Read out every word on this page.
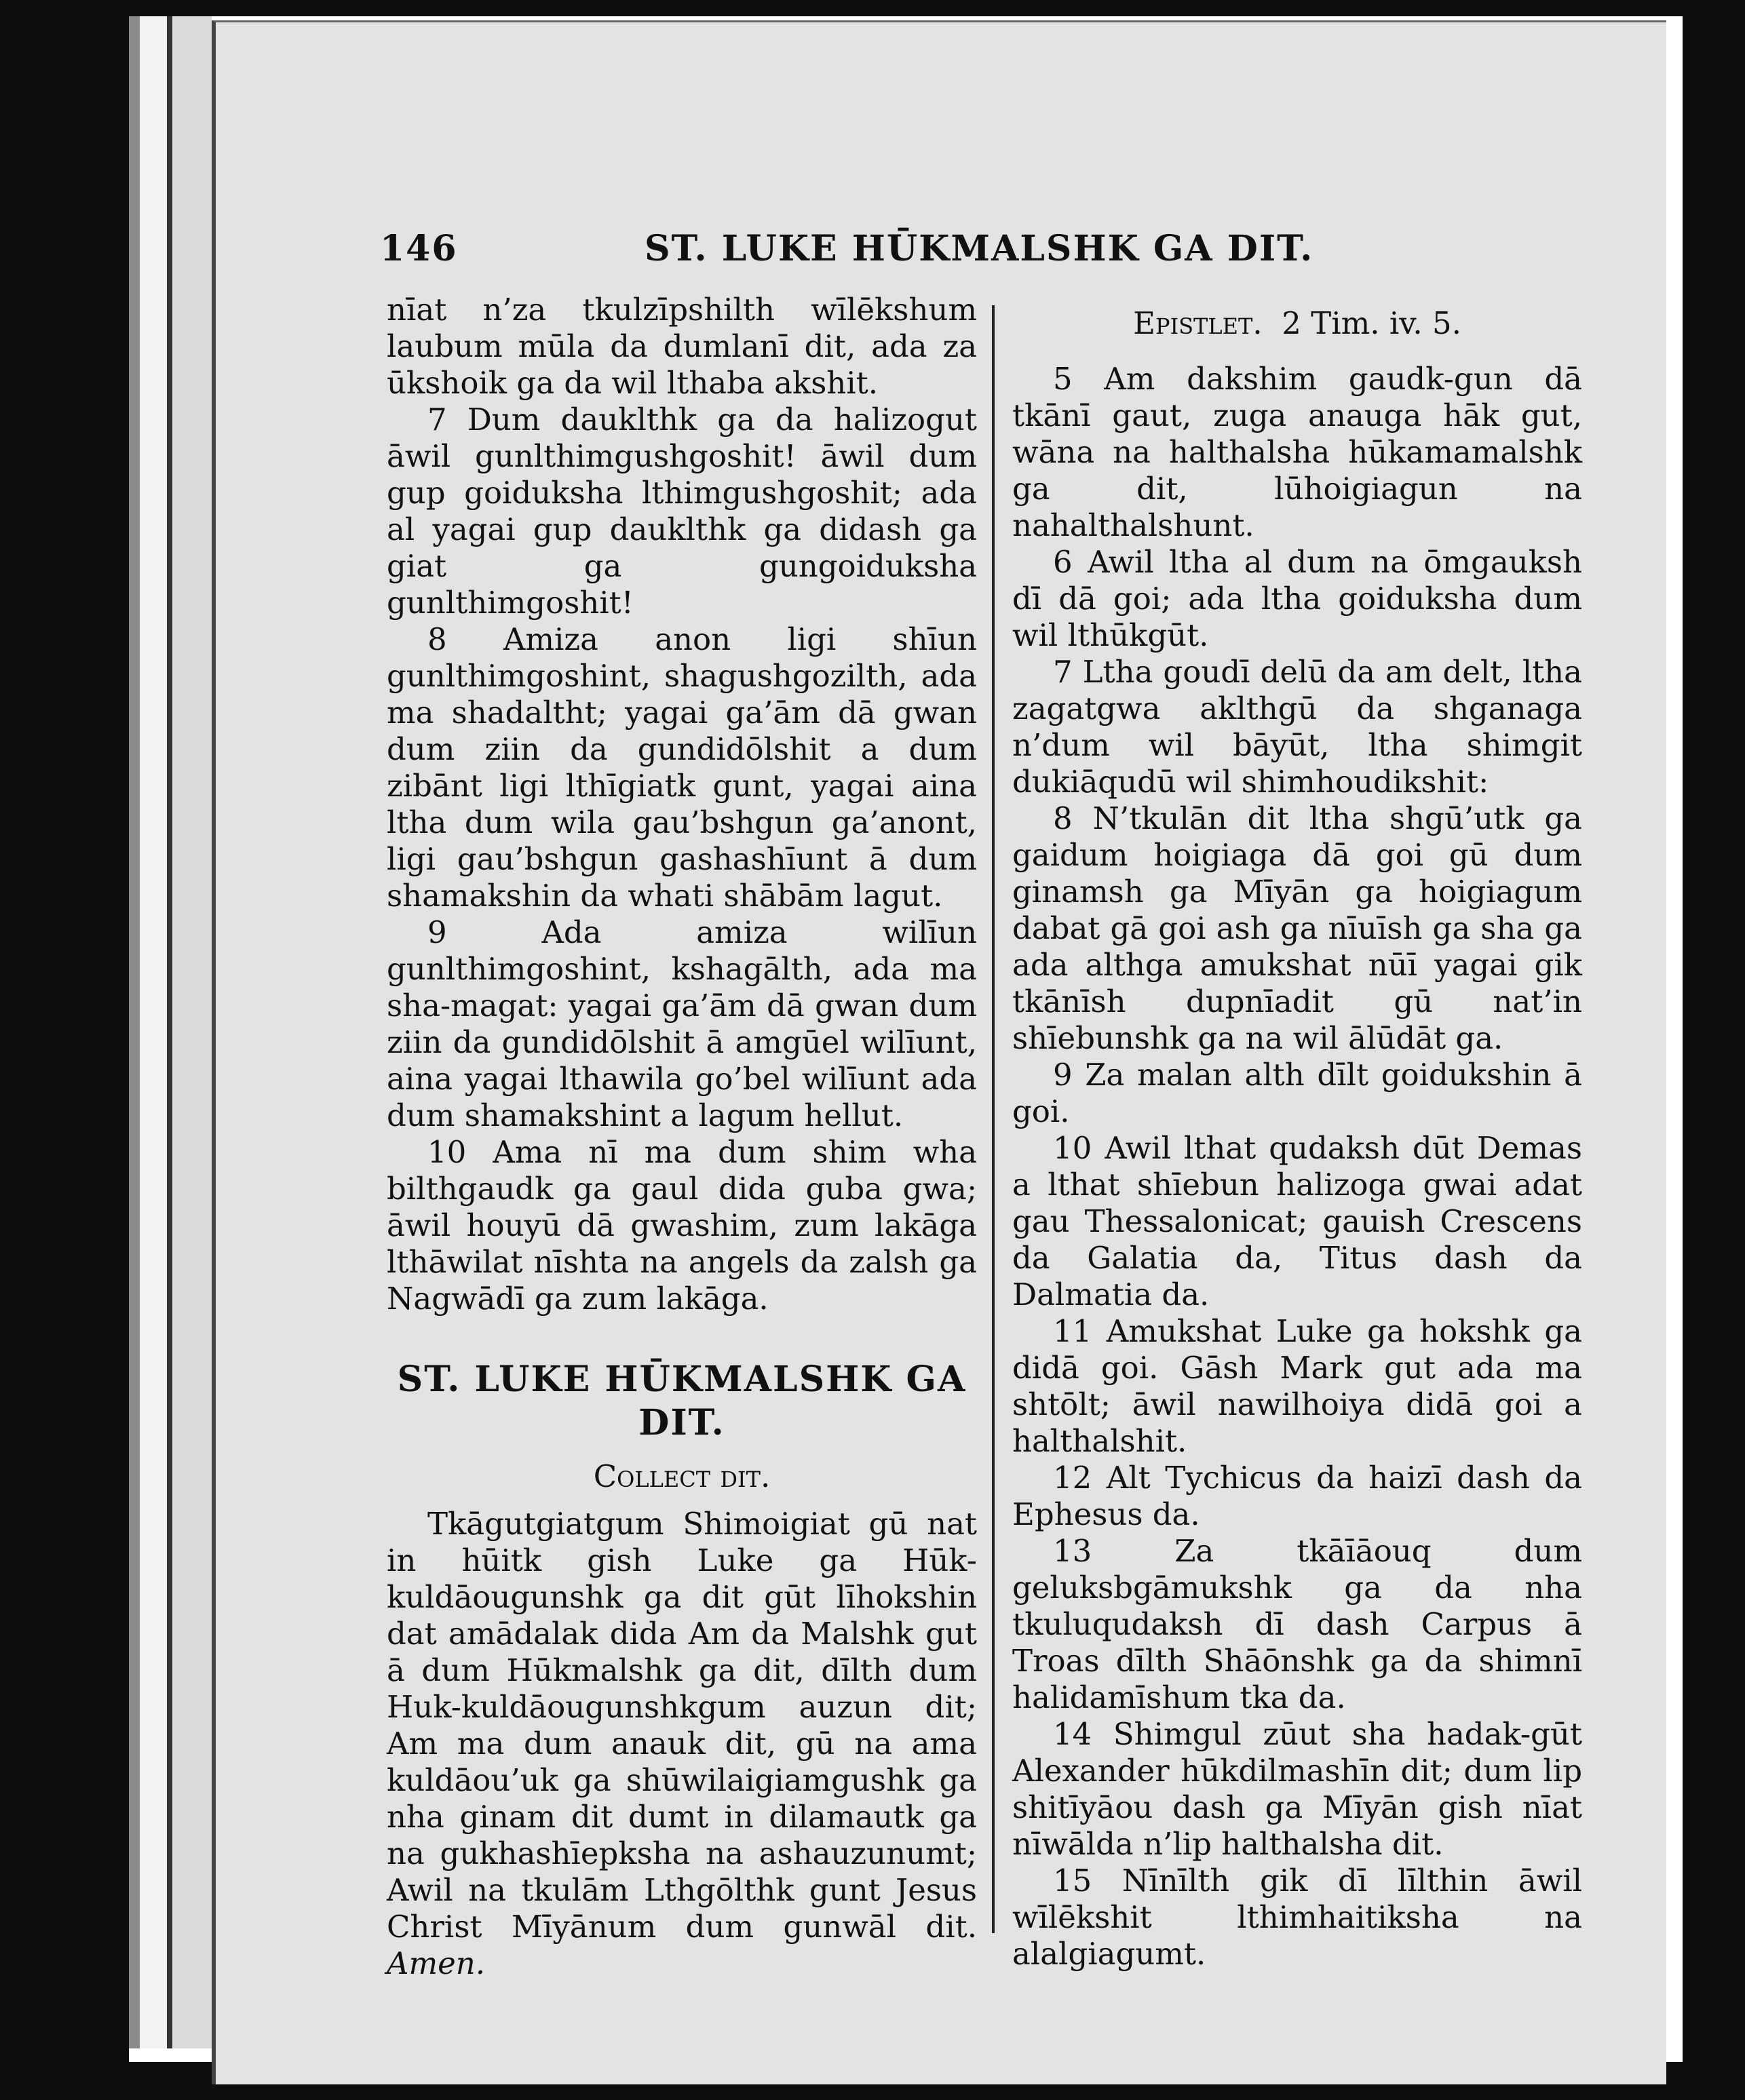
146	ST. LUKE HŪKMALSHK GA DIT.

nīat n’za tkulzīpshilth wīlēkshum laubum mūla da dumlanī dit, ada za ūkshoik ga da wil lthaba akshit.

7 Dum dauklthk ga da halizogut āwil gunlthimgushgoshit! āwil dum gup goiduksha lthimgushgoshit; ada al yagai gup dauklthk ga didash ga giat ga gungoiduksha gunlthimgoshit!

8 Amiza anon ligi shīun gunlthimgoshint, shagushgozilth, ada ma shadaltht; yagai ga’ām dā gwan dum ziin da gundidōlshit a dum zibānt ligi lthīgiatk gunt, yagai aina ltha dum wila gau’bshgun ga’anont, ligi gau’bshgun gashashīunt ā dum shamakshin da whati shābām lagut.

9 Ada amiza wilīun gunlthimgoshint, kshagālth, ada ma sha-magat: yagai ga’ām dā gwan dum ziin da gundidōlshit ā amgūel wilīunt, aina yagai lthawila go’bel wilīunt ada dum shamakshint a lagum hellut.

10 Ama nī ma dum shim wha bilthgaudk ga gaul dida guba gwa; āwil houyū dā gwashim, zum lakāga lthāwilat nīshta na angels da zalsh ga Nagwādī ga zum lakāga.

ST. LUKE HŪKMALSHK GA DIT.

Collect dit.

Tkāgutgiatgum Shimoigiat gū nat in hūitk gish Luke ga Hūk-kuldāougunshk ga dit gūt līhokshin dat amādalak dida Am da Malshk gut ā dum Hūkmalshk ga dit, dīlth dum Huk-kuldāougunshkgum auzun dit; Am ma dum anauk dit, gū na ama kuldāou’uk ga shūwilaigiamgushk ga nha ginam dit dumt in dilamautk ga na gukhashīepksha na ashauzunumt; Awil na tkulām Lthgōlthk gunt Jesus Christ Mīyānum dum gunwāl dit. Amen.

Epistlet. 2 Tim. iv. 5.

5 Am dakshim gaudk-gun dā tkānī gaut, zuga anauga hāk gut, wāna na halthalsha hūkamamalshk ga dit, lūhoigiagun na nahalthalshunt.

6 Awil ltha al dum na ōmgauksh dī dā goi; ada ltha goiduksha dum wil lthūkgūt.

7 Ltha goudī delū da am delt, ltha zagatgwa aklthgū da shganaga n’dum wil bāyūt, ltha shimgit dukiāqudū wil shimhoudikshit:

8 N’tkulān dit ltha shgū’utk ga gaidum hoigiaga dā goi gū dum ginamsh ga Mīyān ga hoigiagum dabat gā goi ash ga nīuīsh ga sha ga ada althga amukshat nūī yagai gik tkānīsh dupnīadit gū nat’in shīebunshk ga na wil ālūdāt ga.

9 Za malan alth dīlt goidukshin ā goi.

10 Awil lthat qudaksh dūt Demas a lthat shīebun halizoga gwai adat gau Thessalonicat; gauish Crescens da Galatia da, Titus dash da Dalmatia da.

11 Amukshat Luke ga hokshk ga didā goi. Gāsh Mark gut ada ma shtōlt; āwil nawilhoiya didā goi a halthalshit.

12 Alt Tychicus da haizī dash da Ephesus da.

13 Za tkāīāouq dum geluksbgāmukshk ga da nha tkuluqudaksh dī dash Carpus ā Troas dīlth Shāōnshk ga da shimnī halidamīshum tka da.

14 Shimgul zūut sha hadak-gūt Alexander hūkdilmashīn dit; dum lip shitīyāou dash ga Mīyān gish nīat nīwālda n’lip halthalsha dit.

15 Nīnīlth gik dī līlthin āwil wīlēkshit lthimhaitiksha na alalgiagumt.
